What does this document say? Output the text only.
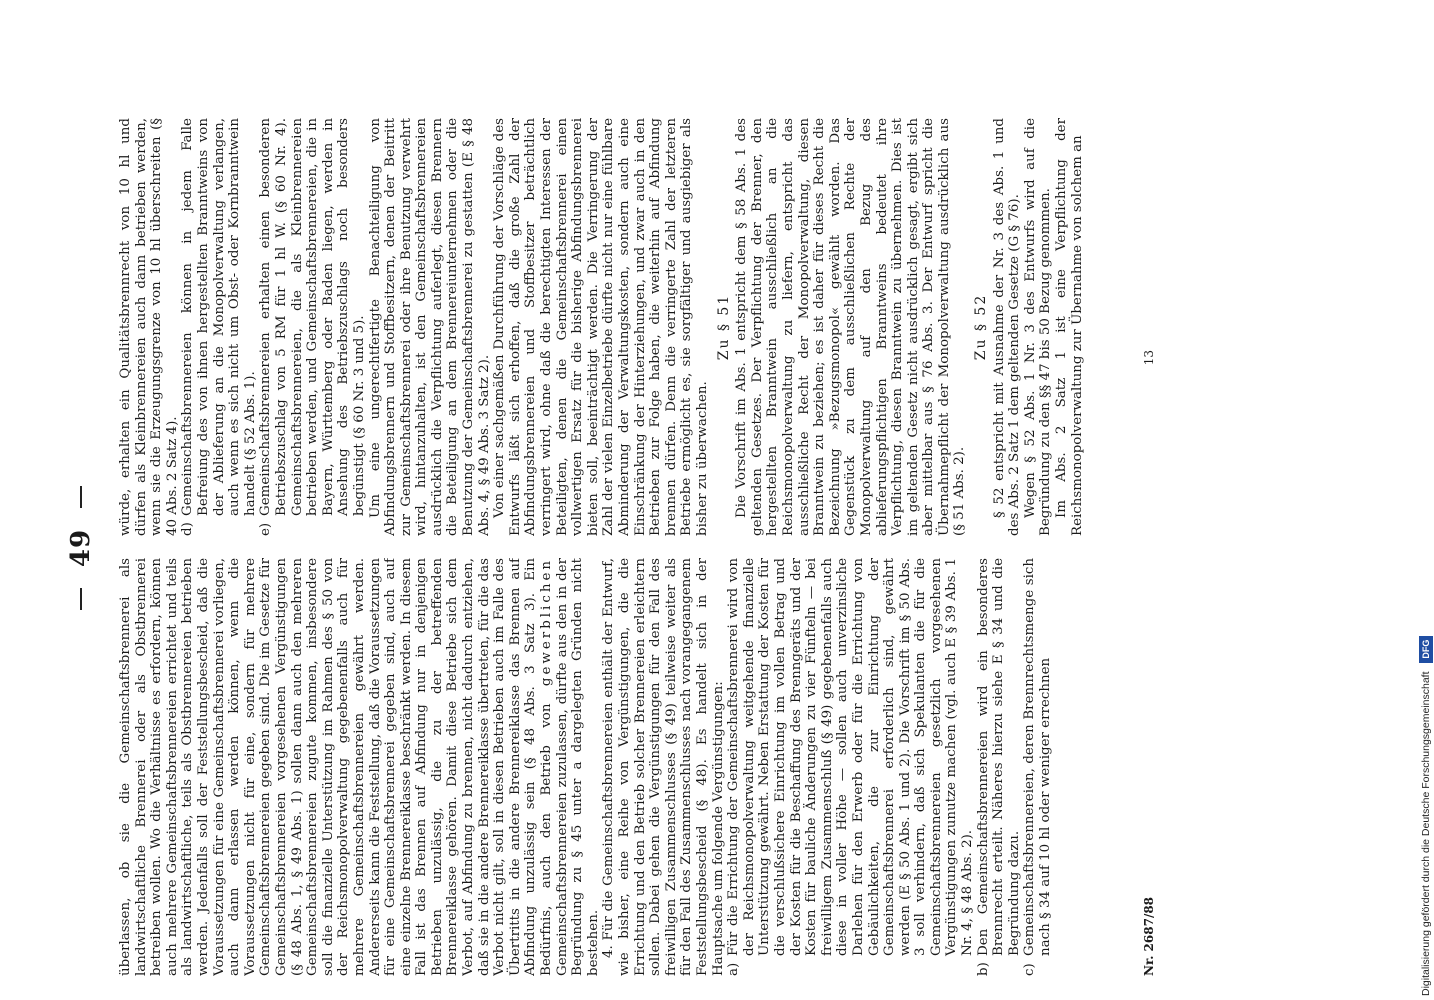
49

überlassen, ob sie die Gemeinschaftsbrennerei als landwirtschaftliche Brennerei oder als Obstbrennerei betreiben wollen. Wo die Verhältnisse es erfordern, können auch mehrere Gemeinschaftsbrennereien errichtet und teils als landwirtschaftliche, teils als Obstbrennereien betrieben werden. Jedenfalls soll der Feststellungsbescheid, daß die Voraussetzungen für eine Gemeinschaftsbrennerei vorliegen, auch dann erlassen werden können, wenn die Voraussetzungen nicht für eine, sondern für mehrere Gemeinschaftsbrennereien gegeben sind. Die im Gesetze für Gemeinschaftsbrennereien vorgesehenen Vergünstigungen (§ 48 Abs. 1, § 49 Abs. 1) sollen dann auch den mehreren Gemeinschaftsbrennereien zugute kommen, insbesondere soll die finanzielle Unterstützung im Rahmen des § 50 von der Reichsmonopolverwaltung gegebenenfalls auch für mehrere Gemeinschaftsbrennereien gewährt werden. Andererseits kann die Feststellung, daß die Voraussetzungen für eine Gemeinschaftsbrennerei gegeben sind, auch auf eine einzelne Brennereiklasse beschränkt werden. In diesem Fall ist das Brennen auf Abfindung nur in denjenigen Betrieben unzulässig, die zu der betreffenden Brennereiklasse gehören. Damit diese Betriebe sich dem Verbot, auf Abfindung zu brennen, nicht dadurch entziehen, daß sie in die andere Brennereiklasse übertreten, für die das Verbot nicht gilt, soll in diesen Betrieben auch im Falle des Übertritts in die andere Brennereiklasse das Brennen auf Abfindung unzulässig sein (§ 48 Abs. 3 Satz 3). Ein Bedürfnis, auch den Betrieb von gewerblichen Gemeinschaftsbrennereien zuzulassen, dürfte aus den in der Begründung zu § 45 unter a dargelegten Gründen nicht bestehen. 4. Für die Gemeinschaftsbrennereien enthält der Entwurf, wie bisher, eine Reihe von Vergünstigungen, die die Errichtung und den Betrieb solcher Brennereien erleichtern sollen. Dabei gehen die Vergünstigungen für den Fall des freiwilligen Zusammenschlusses (§ 49) teilweise weiter als für den Fall des Zusammenschlusses nach vorangegangenem Feststellungsbescheid (§ 48). Es handelt sich in der Hauptsache um folgende Vergünstigungen: a)
Für die Errichtung der Gemeinschaftsbrennerei wird von der Reichsmonopolverwaltung weitgehende finanzielle Unterstützung gewährt. Neben Erstattung der Kosten für die verschlußsichere Einrichtung im vollen Betrag und der Kosten für die Beschaffung des Brenngeräts und der Kosten für bauliche Änderungen zu vier Fünfteln — bei freiwilligem Zusammenschluß (§ 49) gegebenenfalls auch diese in voller Höhe — sollen auch unverzinsliche Darlehen für den Erwerb oder für die Errichtung von Gebäulichkeiten, die zur Einrichtung der Gemeinschaftsbrennerei erforderlich sind, gewährt werden (E § 50 Abs. 1 und 2). Die Vorschrift im § 50 Abs. 3 soll verhindern, daß sich Spekulanten die für die Gemeinschaftsbrennereien gesetzlich vorgesehenen Vergünstigungen zunutze machen (vgl. auch E § 39 Abs. 1 Nr. 4, § 48 Abs. 2).
b)
Den Gemeinschaftsbrennereien wird ein besonderes Brennrecht erteilt. Näheres hierzu siehe E § 34 und die Begründung dazu.
c)
Gemeinschaftsbrennereien, deren Brennrechtsmenge sich nach § 34 auf 10 hl oder weniger errechnen

würde, erhalten ein Qualitätsbrennrecht von 10 hl und dürfen als Kleinbrennereien auch dann betrieben werden, wenn sie die Erzeugungsgrenze von 10 hl überschreiten (§ 40 Abs. 2 Satz 4). d)
Gemeinschaftsbrennereien können in jedem Falle Befreiung des von ihnen hergestellten Branntweins von der Ablieferung an die Monopolverwaltung verlangen, auch wenn es sich nicht um Obst- oder Kornbranntwein handelt (§ 52 Abs. 1).
e)
Gemeinschaftsbrennereien erhalten einen besonderen Betriebszuschlag von 5 RM für 1 hl W. (§ 60 Nr. 4). Gemeinschaftsbrennereien, die als Kleinbrennereien betrieben werden, und Gemeinschaftsbrennereien, die in Bayern, Württemberg oder Baden liegen, werden in Ansehung des Betriebszuschlags noch besonders begünstigt (§ 60 Nr. 3 und 5). Um eine ungerechtfertigte Benachteiligung von Abfindungsbrennern und Stoffbesitzern, denen der Beitritt zur Gemeinschaftsbrennerei oder ihre Benutzung verwehrt wird, hintanzuhalten, ist den Gemeinschaftsbrennereien ausdrücklich die Verpflichtung auferlegt, diesen Brennern die Beteiligung an dem Brennereiunternehmen oder die Benutzung der Gemeinschaftsbrennerei zu gestatten (E § 48 Abs. 4, § 49 Abs. 3 Satz 2). Von einer sachgemäßen Durchführung der Vorschläge des Entwurfs läßt sich erhoffen, daß die große Zahl der Abfindungsbrennereien und Stoffbesitzer beträchtlich verringert wird, ohne daß die berechtigten Interessen der Beteiligten, denen die Gemeinschaftsbrennerei einen vollwertigen Ersatz für die bisherige Abfindungsbrennerei bieten soll, beeinträchtigt werden. Die Verringerung der Zahl der vielen Einzelbetriebe dürfte nicht nur eine fühlbare Abminderung der Verwaltungskosten, sondern auch eine Einschränkung der Hinterziehungen, und zwar auch in den Betrieben zur Folge haben, die weiterhin auf Abfindung brennen dürfen. Denn die verringerte Zahl der letzteren Betriebe ermöglicht es, sie sorgfältiger und ausgiebiger als bisher zu überwachen.

Zu § 51 Die Vorschrift im Abs. 1 entspricht dem § 58 Abs. 1 des geltenden Gesetzes. Der Verpflichtung der Brenner, den hergestellten Branntwein ausschließlich an die Reichsmonopolverwaltung zu liefern, entspricht das ausschließliche Recht der Monopolverwaltung, diesen Branntwein zu beziehen; es ist daher für dieses Recht die Bezeichnung »Bezugsmonopol« gewählt worden. Das Gegenstück zu dem ausschließlichen Rechte der Monopolverwaltung auf den Bezug des ablieferungspflichtigen Branntweins bedeutet ihre Verpflichtung, diesen Branntwein zu übernehmen. Dies ist im geltenden Gesetz nicht ausdrücklich gesagt, ergibt sich aber mittelbar aus § 76 Abs. 3. Der Entwurf spricht die Übernahmepflicht der Monopolverwaltung ausdrücklich aus (§ 51 Abs. 2).

Zu § 52 § 52 entspricht mit Ausnahme der Nr. 3 des Abs. 1 und des Abs. 2 Satz 1 dem geltenden Gesetze (G § 76). Wegen § 52 Abs. 1 Nr. 3 des Entwurfs wird auf die Begründung zu den §§ 47 bis 50 Bezug genommen. Im Abs. 2 Satz 1 ist eine Verpflichtung der Reichsmonopolverwaltung zur Übernahme von solchem an

Nr. 2687/88
13
Digitalisierung gefördert durch die Deutsche Forschungsgemeinschaft DFG
